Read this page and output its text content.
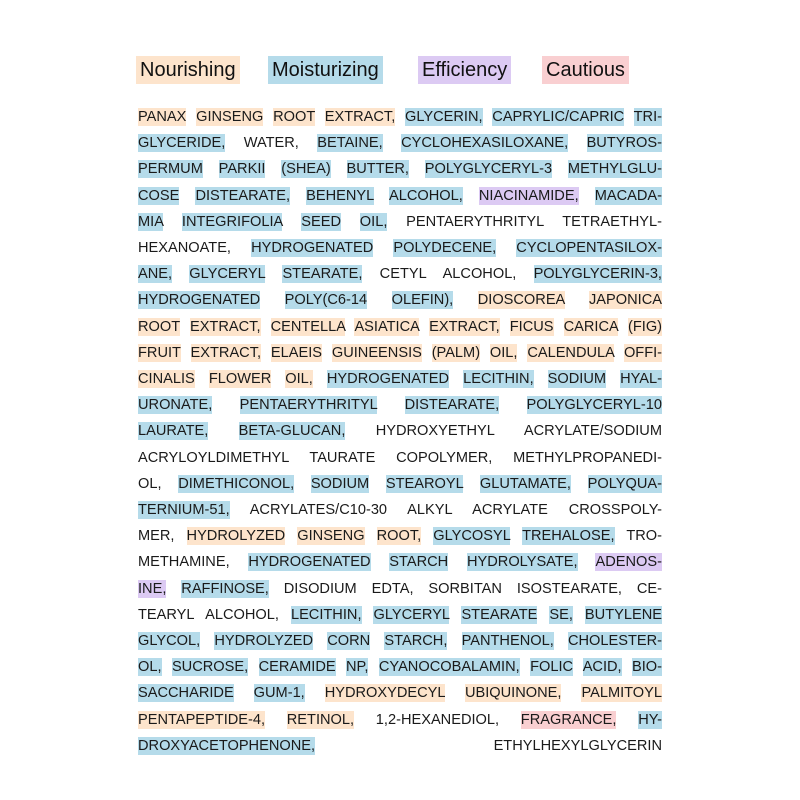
Nourishing Moisturizing Efficiency Cautious
PANAX GINSENG ROOT EXTRACT, GLYCERIN, CAPRYLIC/CAPRIC TRI-
GLYCERIDE, WATER, BETAINE, CYCLOHEXASILOXANE, BUTYROS-
PERMUM PARKII (SHEA) BUTTER, POLYGLYCERYL-3 METHYLGLU-
COSE DISTEARATE, BEHENYL ALCOHOL, NIACINAMIDE, MACADA-
MIA INTEGRIFOLIA SEED OIL, PENTAERYTHRITYL TETRAETHYL-
HEXANOATE, HYDROGENATED POLYDECENE, CYCLOPENTASILOX-
ANE, GLYCERYL STEARATE, CETYL ALCOHOL, POLYGLYCERIN-3,
HYDROGENATED POLY(C6-14 OLEFIN), DIOSCOREA JAPONICA
ROOT EXTRACT, CENTELLA ASIATICA EXTRACT, FICUS CARICA (FIG)
FRUIT EXTRACT, ELAEIS GUINEENSIS (PALM) OIL, CALENDULA OFFI-
CINALIS FLOWER OIL, HYDROGENATED LECITHIN, SODIUM HYAL-
URONATE, PENTAERYTHRITYL DISTEARATE, POLYGLYCERYL-10
LAURATE, BETA-GLUCAN, HYDROXYETHYL ACRYLATE/SODIUM
ACRYLOYLDIMETHYL TAURATE COPOLYMER, METHYLPROPANEDI-
OL, DIMETHICONOL, SODIUM STEAROYL GLUTAMATE, POLYQUA-
TERNIUM-51, ACRYLATES/C10-30 ALKYL ACRYLATE CROSSPOLY-
MER, HYDROLYZED GINSENG ROOT, GLYCOSYL TREHALOSE, TRO-
METHAMINE, HYDROGENATED STARCH HYDROLYSATE, ADENOS-
INE, RAFFINOSE, DISODIUM EDTA, SORBITAN ISOSTEARATE, CE-
TEARYL ALCOHOL, LECITHIN, GLYCERYL STEARATE SE, BUTYLENE
GLYCOL, HYDROLYZED CORN STARCH, PANTHENOL, CHOLESTER-
OL, SUCROSE, CERAMIDE NP, CYANOCOBALAMIN, FOLIC ACID, BIO-
SACCHARIDE GUM-1, HYDROXYDECYL UBIQUINONE, PALMITOYL
PENTAPEPTIDE-4, RETINOL, 1,2-HEXANEDIOL, FRAGRANCE, HY-
DROXYACETOPHENONE,	ETHYLHEXYLGLYCERIN
